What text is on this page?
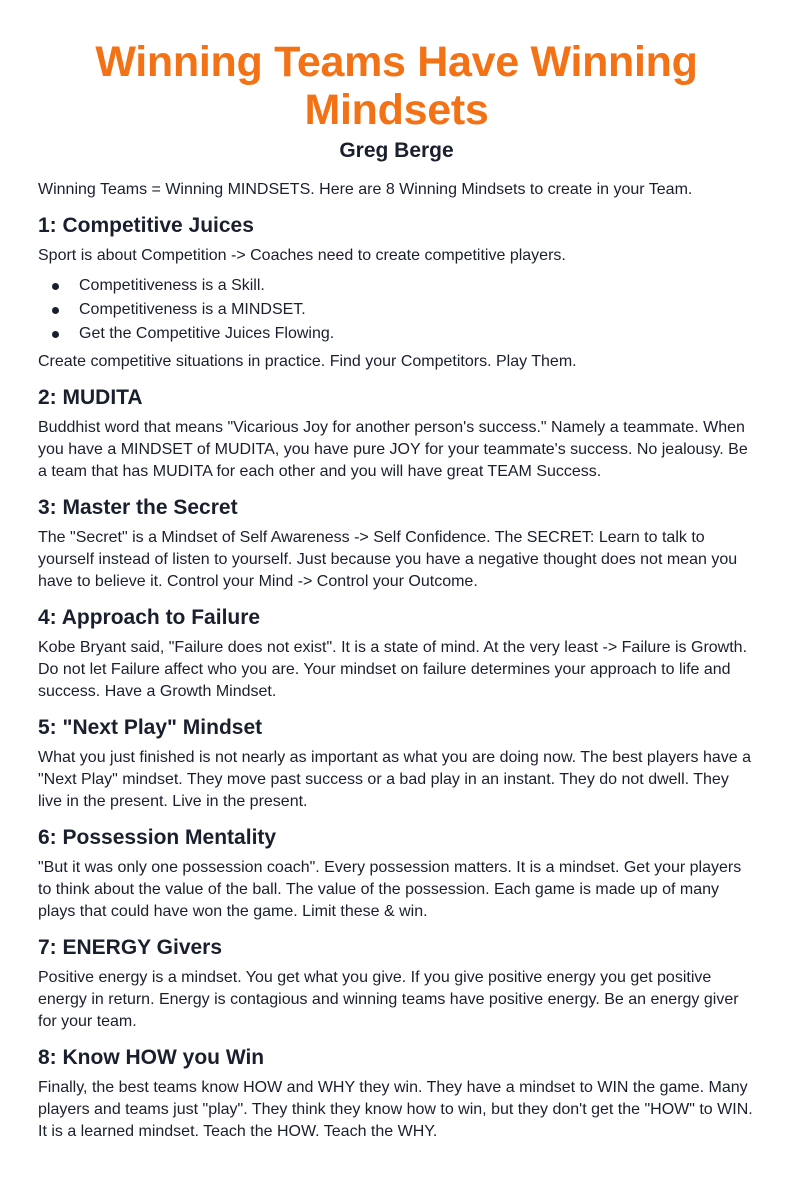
Winning Teams Have Winning Mindsets
Greg Berge

Winning Teams = Winning MINDSETS. Here are 8 Winning Mindsets to create in your Team.

1: Competitive Juices

Sport is about Competition -> Coaches need to create competitive players.

Competitiveness is a Skill.
Competitiveness is a MINDSET.
Get the Competitive Juices Flowing.

Create competitive situations in practice. Find your Competitors. Play Them.

2: MUDITA

Buddhist word that means "Vicarious Joy for another person's success." Namely a teammate. When you have a MINDSET of MUDITA, you have pure JOY for your teammate's success. No jealousy. Be a team that has MUDITA for each other and you will have great TEAM Success.

3: Master the Secret

The "Secret" is a Mindset of Self Awareness -> Self Confidence. The SECRET: Learn to talk to yourself instead of listen to yourself. Just because you have a negative thought does not mean you have to believe it. Control your Mind -> Control your Outcome.

4: Approach to Failure

Kobe Bryant said, "Failure does not exist". It is a state of mind. At the very least -> Failure is Growth. Do not let Failure affect who you are. Your mindset on failure determines your approach to life and success. Have a Growth Mindset.

5: "Next Play" Mindset

What you just finished is not nearly as important as what you are doing now. The best players have a "Next Play" mindset. They move past success or a bad play in an instant. They do not dwell. They live in the present. Live in the present.

6: Possession Mentality

"But it was only one possession coach". Every possession matters. It is a mindset. Get your players to think about the value of the ball. The value of the possession. Each game is made up of many plays that could have won the game. Limit these & win.

7: ENERGY Givers

Positive energy is a mindset. You get what you give. If you give positive energy you get positive energy in return. Energy is contagious and winning teams have positive energy. Be an energy giver for your team.

8: Know HOW you Win

Finally, the best teams know HOW and WHY they win. They have a mindset to WIN the game. Many players and teams just "play". They think they know how to win, but they don't get the "HOW" to WIN. It is a learned mindset. Teach the HOW. Teach the WHY.
